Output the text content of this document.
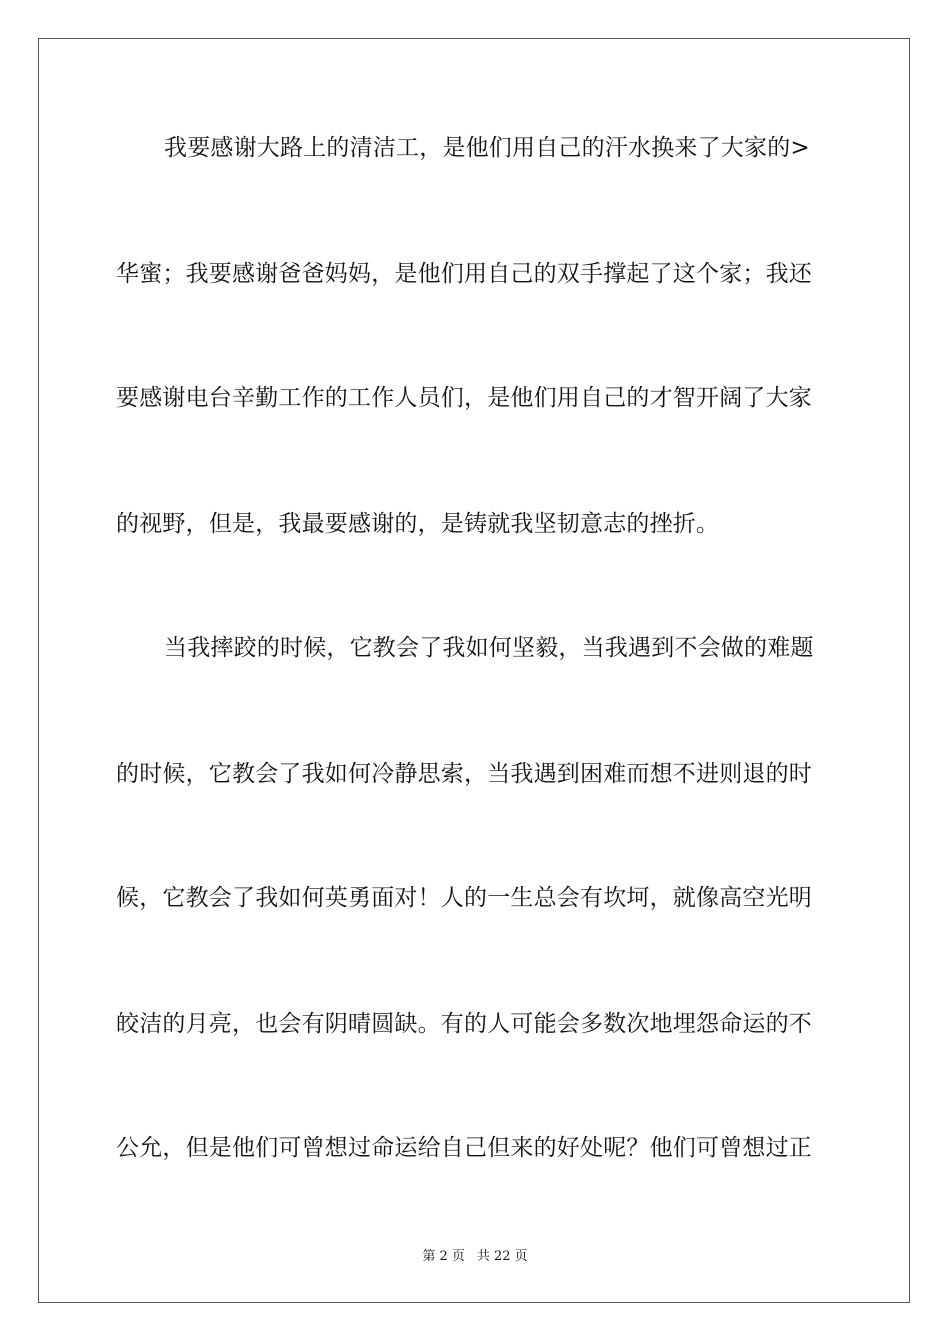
我要感谢大路上的清洁工，是他们用自己的汗水换来了大家的>
华蜜；我要感谢爸爸妈妈，是他们用自己的双手撑起了这个家；我还
要感谢电台辛勤工作的工作人员们，是他们用自己的才智开阔了大家
的视野，但是，我最要感谢的，是铸就我坚韧意志的挫折。
当我摔跤的时候，它教会了我如何坚毅，当我遇到不会做的难题
的时候，它教会了我如何冷静思索，当我遇到困难而想不进则退的时
候，它教会了我如何英勇面对！人的一生总会有坎坷，就像高空光明
皎洁的月亮，也会有阴晴圆缺。有的人可能会多数次地埋怨命运的不
公允，但是他们可曾想过命运给自己但来的好处呢？他们可曾想过正
第 2 页 共 22 页
